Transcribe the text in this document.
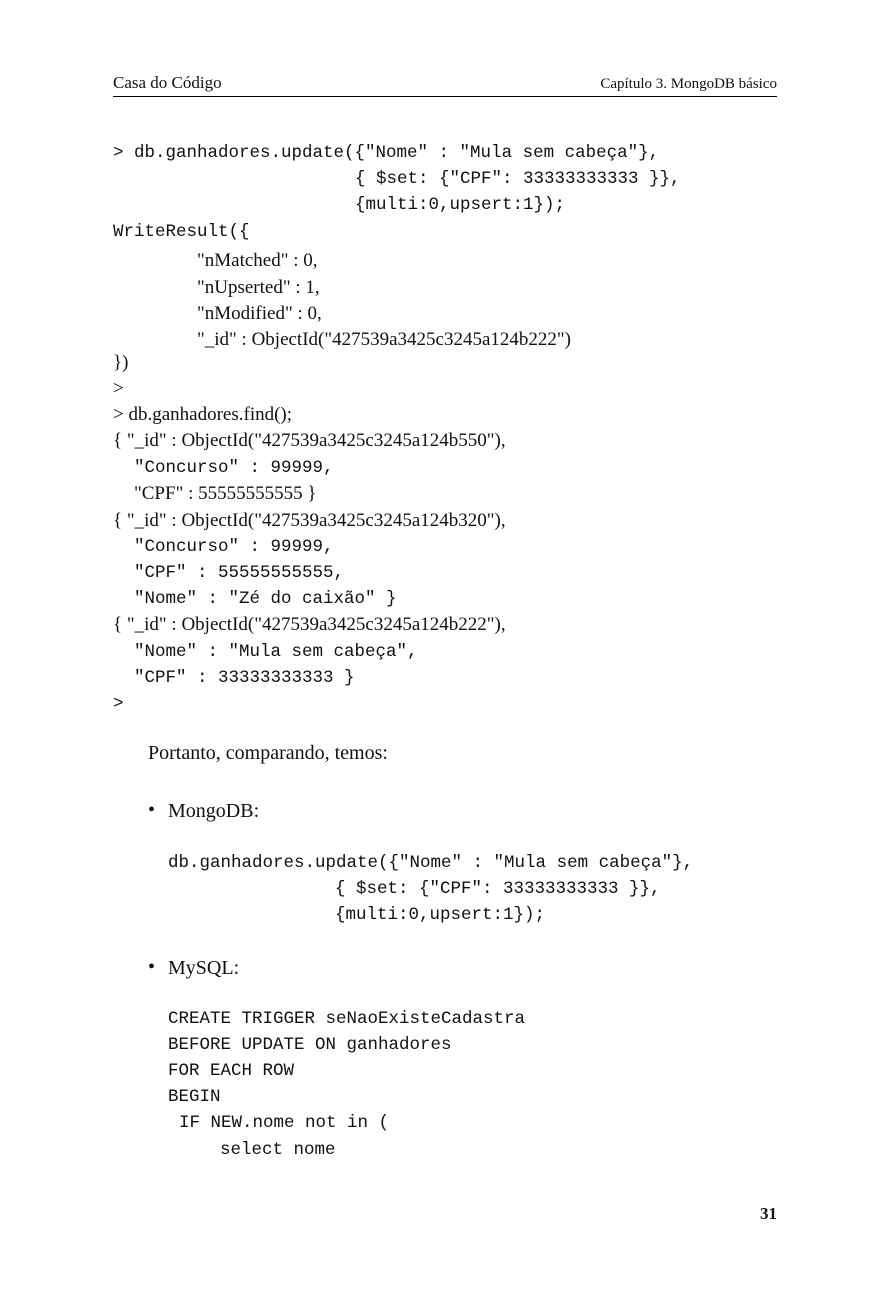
Casa do Código	Capítulo 3. MongoDB básico
> db.ganhadores.update({"Nome" : "Mula sem cabeça"},
{ $set: {"CPF": 33333333333 }},
{multi:0,upsert:1});
WriteResult({
"nMatched" : 0,
"nUpserted" : 1,
"nModified" : 0,
"_id" : ObjectId("427539a3425c3245a124b222")
})
>
> db.ganhadores.find();
{ "_id" : ObjectId("427539a3425c3245a124b550"),
"Concurso" : 99999,
"CPF" : 55555555555 }
{ "_id" : ObjectId("427539a3425c3245a124b320"),
"Concurso" : 99999,
"CPF" : 55555555555,
"Nome" : "Zé do caixão" }
{ "_id" : ObjectId("427539a3425c3245a124b222"),
"Nome" : "Mula sem cabeça",
"CPF" : 33333333333 }
>
Portanto, comparando, temos:
• MongoDB:
db.ganhadores.update({"Nome" : "Mula sem cabeça"},
{ $set: {"CPF": 33333333333 }},
{multi:0,upsert:1});
• MySQL:
CREATE TRIGGER seNaoExisteCadastra
BEFORE UPDATE ON ganhadores
FOR EACH ROW
BEGIN
IF NEW.nome not in (
select nome
31
